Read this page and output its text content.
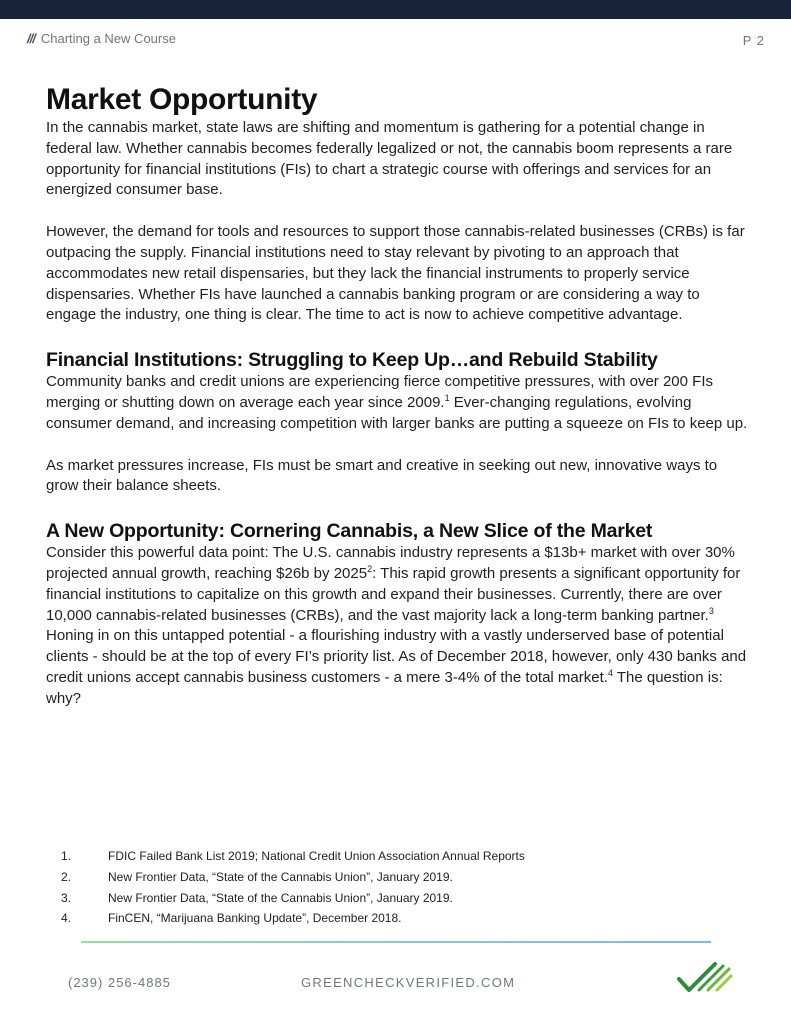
/// Charting a New Course	P 2
Market Opportunity

In the cannabis market, state laws are shifting and momentum is gathering for a potential change in federal law. Whether cannabis becomes federally legalized or not, the cannabis boom represents a rare opportunity for financial institutions (FIs) to chart a strategic course with offerings and services for an energized consumer base.

However, the demand for tools and resources to support those cannabis-related businesses (CRBs) is far outpacing the supply. Financial institutions need to stay relevant by pivoting to an approach that accommodates new retail dispensaries, but they lack the financial instruments to properly service dispensaries. Whether FIs have launched a cannabis banking program or are considering a way to engage the industry, one thing is clear. The time to act is now to achieve competitive advantage.

Financial Institutions: Struggling to Keep Up…and Rebuild Stability

Community banks and credit unions are experiencing fierce competitive pressures, with over 200 FIs merging or shutting down on average each year since 2009.$^1$ Ever-changing regulations, evolving consumer demand, and increasing competition with larger banks are putting a squeeze on FIs to keep up.

As market pressures increase, FIs must be smart and creative in seeking out new, innovative ways to grow their balance sheets.

A New Opportunity: Cornering Cannabis, a New Slice of the Market

Consider this powerful data point: The U.S. cannabis industry represents a $13b+ market with over 30% projected annual growth, reaching $26b by 2025$^2$: This rapid growth presents a significant opportunity for financial institutions to capitalize on this growth and expand their businesses. Currently, there are over 10,000 cannabis-related businesses (CRBs), and the vast majority lack a long-term banking partner.$^3$ Honing in on this untapped potential - a flourishing industry with a vastly underserved base of potential clients - should be at the top of every FI’s priority list. As of December 2018, however, only 430 banks and credit unions accept cannabis business customers - a mere 3-4% of the total market.$^4$ The question is: why?

1.	FDIC Failed Bank List 2019; National Credit Union Association Annual Reports
2.	New Frontier Data, “State of the Cannabis Union”, January 2019.
3.	New Frontier Data, “State of the Cannabis Union”, January 2019.
4.	FinCEN, “Marijuana Banking Update”, December 2018.
(239) 256-4885	GREENCHECKVERIFIED.COM
